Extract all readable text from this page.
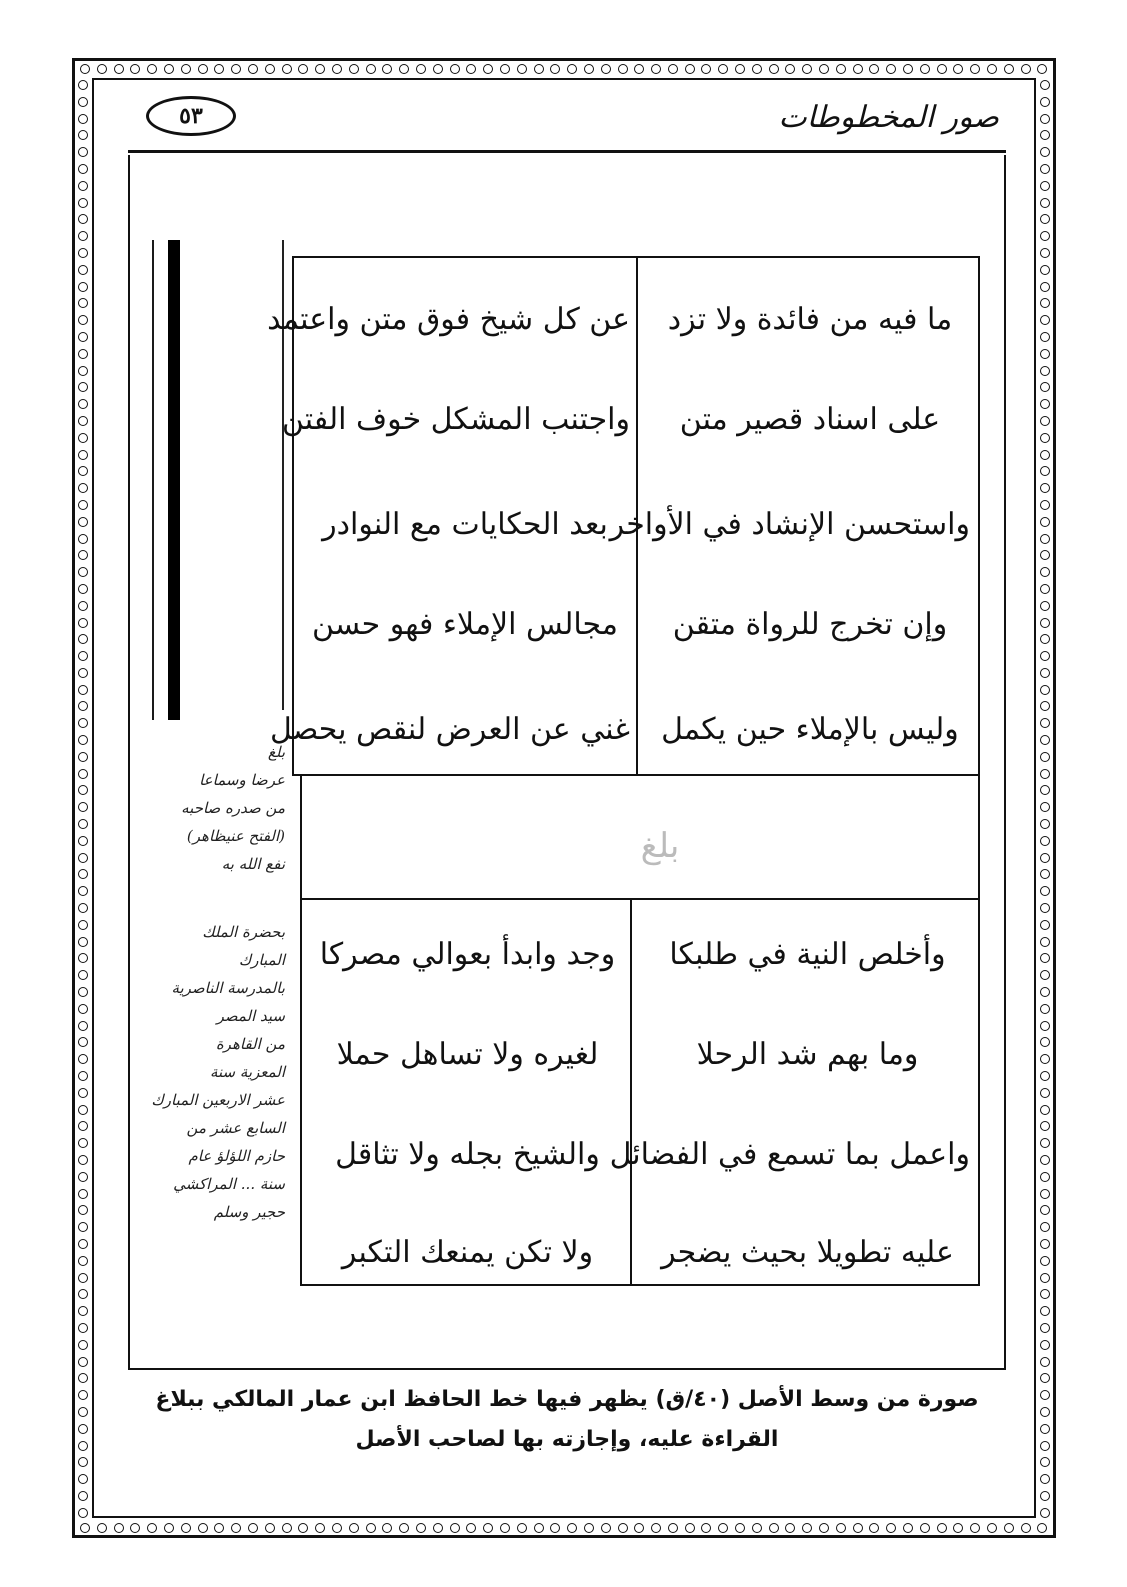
٥٣	صور المخطوطات
بلغ
ما فيه من فائدة ولا تزد
على اسناد قصير متن
واستحسن الإنشاد في الأواخر
وإن تخرج للرواة متقن
وليس بالإملاء حين يكمل
عن كل شيخ فوق متن واعتمد
واجتنب المشكل خوف الفتن
بعد الحكايات مع النوادر
مجالس الإملاء فهو حسن
غني عن العرض لنقص يحصل
وأخلص النية في طلبكا
وما بهم شد الرحلا
واعمل بما تسمع في الفضائل
عليه تطويلا بحيث يضجر
وجد وابدأ بعوالي مصركا
لغيره ولا تساهل حملا
والشيخ بجله ولا تثاقل
ولا تكن يمنعك التكبر
بلغ
عرضا وسماعا
من صدره صاحبه
(الفتح عنيظاهر)
نفع الله به
بحضرة الملك
المبارك
بالمدرسة الناصرية
سيد المصر
من القاهرة
المعزية سنة
عشر الاربعين المبارك
السابع عشر من
حازم اللؤلؤ عام
سنة ... المراكشي
حجير وسلم
صورة من وسط الأصل (٤٠/ق) يظهر فيها خط الحافظ ابن عمار المالكي ببلاغ
القراءة عليه، وإجازته بها لصاحب الأصل
